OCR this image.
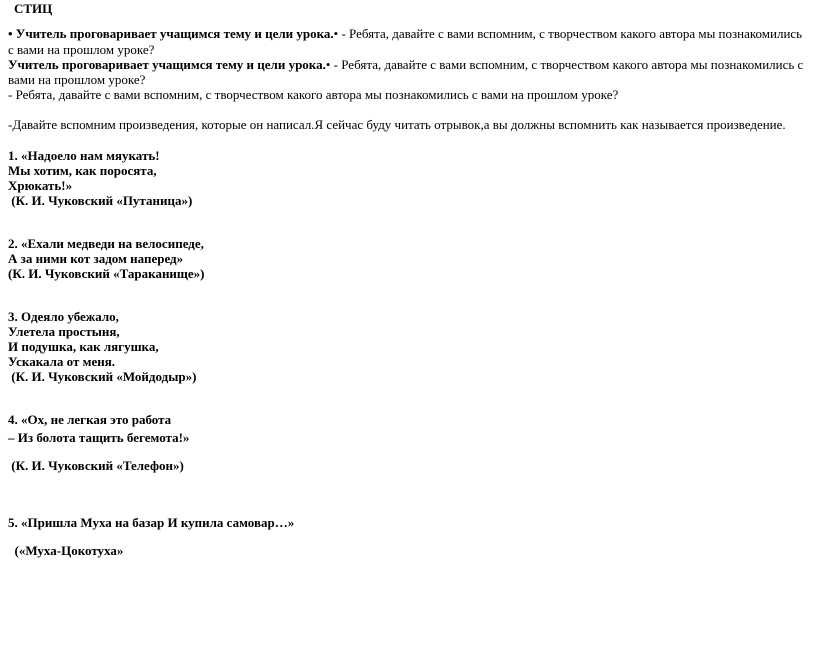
СТИЦ
• Учитель проговаривает учащимся тему и цели урока.• - Ребята, давайте с вами вспомним, с творчеством какого автора мы познакомились
с вами на прошлом уроке?
Учитель проговаривает учащимся тему и цели урока.• - Ребята, давайте с вами вспомним, с творчеством какого автора мы познакомились с
вами на прошлом уроке?
- Ребята, давайте с вами вспомним, с творчеством какого автора мы познакомились с вами на прошлом уроке?
-Давайте вспомним произведения, которые он написал.Я сейчас буду читать отрывок,а вы должны вспомнить как называется произведение.
1. «Надоело нам мяукать!
Мы хотим, как поросята,
Хрюкать!»
(К. И. Чуковский «Путаница»)
2. «Ехали медведи на велосипеде,
А за ними кот задом наперед»
(К. И. Чуковский «Тараканище»)
3. Одеяло убежало,
Улетела простыня,
И подушка, как лягушка,
Ускакала от меня.
(К. И. Чуковский «Мойдодыр»)
4. «Ох, не легкая это работа
– Из болота тащить бегемота!»
(К. И. Чуковский «Телефон»)
5. «Пришла Муха на базар И купила самовар…»
(«Муха-Цокотуха»
